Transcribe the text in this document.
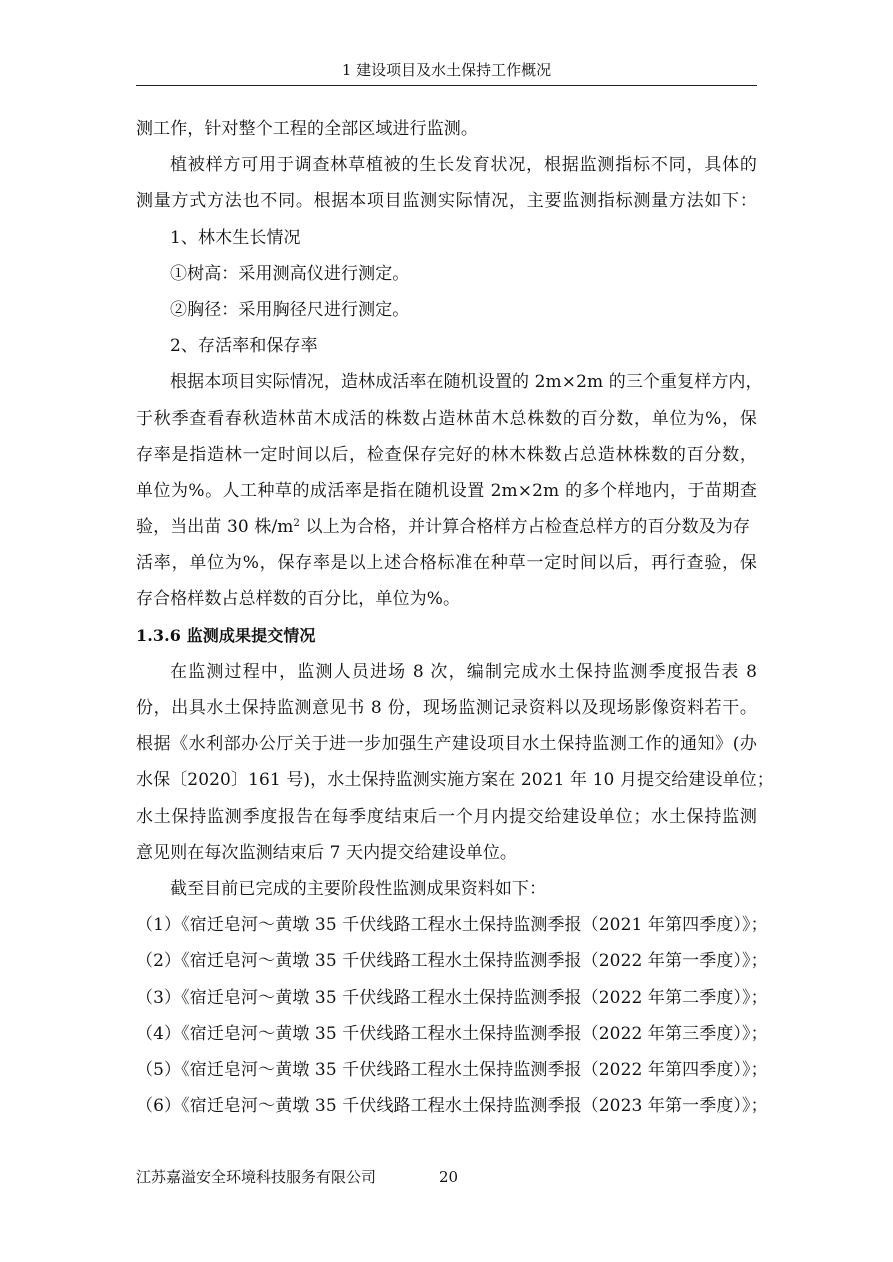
1 建设项目及水土保持工作概况
测工作，针对整个工程的全部区域进行监测。
植被样方可用于调查林草植被的生长发育状况，根据监测指标不同，具体的
测量方式方法也不同。根据本项目监测实际情况，主要监测指标测量方法如下：
1、林木生长情况
①树高：采用测高仪进行测定。
②胸径：采用胸径尺进行测定。
2、存活率和保存率
根据本项目实际情况，造林成活率在随机设置的 2m×2m 的三个重复样方内，
于秋季查看春秋造林苗木成活的株数占造林苗木总株数的百分数，单位为%，保
存率是指造林一定时间以后，检查保存完好的林木株数占总造林株数的百分数，
单位为%。人工种草的成活率是指在随机设置 2m×2m 的多个样地内，于苗期查
验，当出苗 30 株$/m^2$ 以上为合格，并计算合格样方占检查总样方的百分数及为存
活率，单位为%，保存率是以上述合格标准在种草一定时间以后，再行查验，保
存合格样数占总样数的百分比，单位为%。
1.3.6 监测成果提交情况
在监测过程中，监测人员进场 8 次，编制完成水土保持监测季度报告表 8
份，出具水土保持监测意见书 8 份，现场监测记录资料以及现场影像资料若干。
根据《水利部办公厅关于进一步加强生产建设项目水土保持监测工作的通知》(办
水保〔2020〕161 号)，水土保持监测实施方案在 2021 年 10 月提交给建设单位；
水土保持监测季度报告在每季度结束后一个月内提交给建设单位；水土保持监测
意见则在每次监测结束后 7 天内提交给建设单位。
截至目前已完成的主要阶段性监测成果资料如下：
（1）《宿迁皂河～黄墩 35 千伏线路工程水土保持监测季报（2021 年第四季度）》；
（2）《宿迁皂河～黄墩 35 千伏线路工程水土保持监测季报（2022 年第一季度）》；
（3）《宿迁皂河～黄墩 35 千伏线路工程水土保持监测季报（2022 年第二季度）》；
（4）《宿迁皂河～黄墩 35 千伏线路工程水土保持监测季报（2022 年第三季度）》；
（5）《宿迁皂河～黄墩 35 千伏线路工程水土保持监测季报（2022 年第四季度）》；
（6）《宿迁皂河～黄墩 35 千伏线路工程水土保持监测季报（2023 年第一季度）》；
江苏嘉溢安全环境科技服务有限公司	20
